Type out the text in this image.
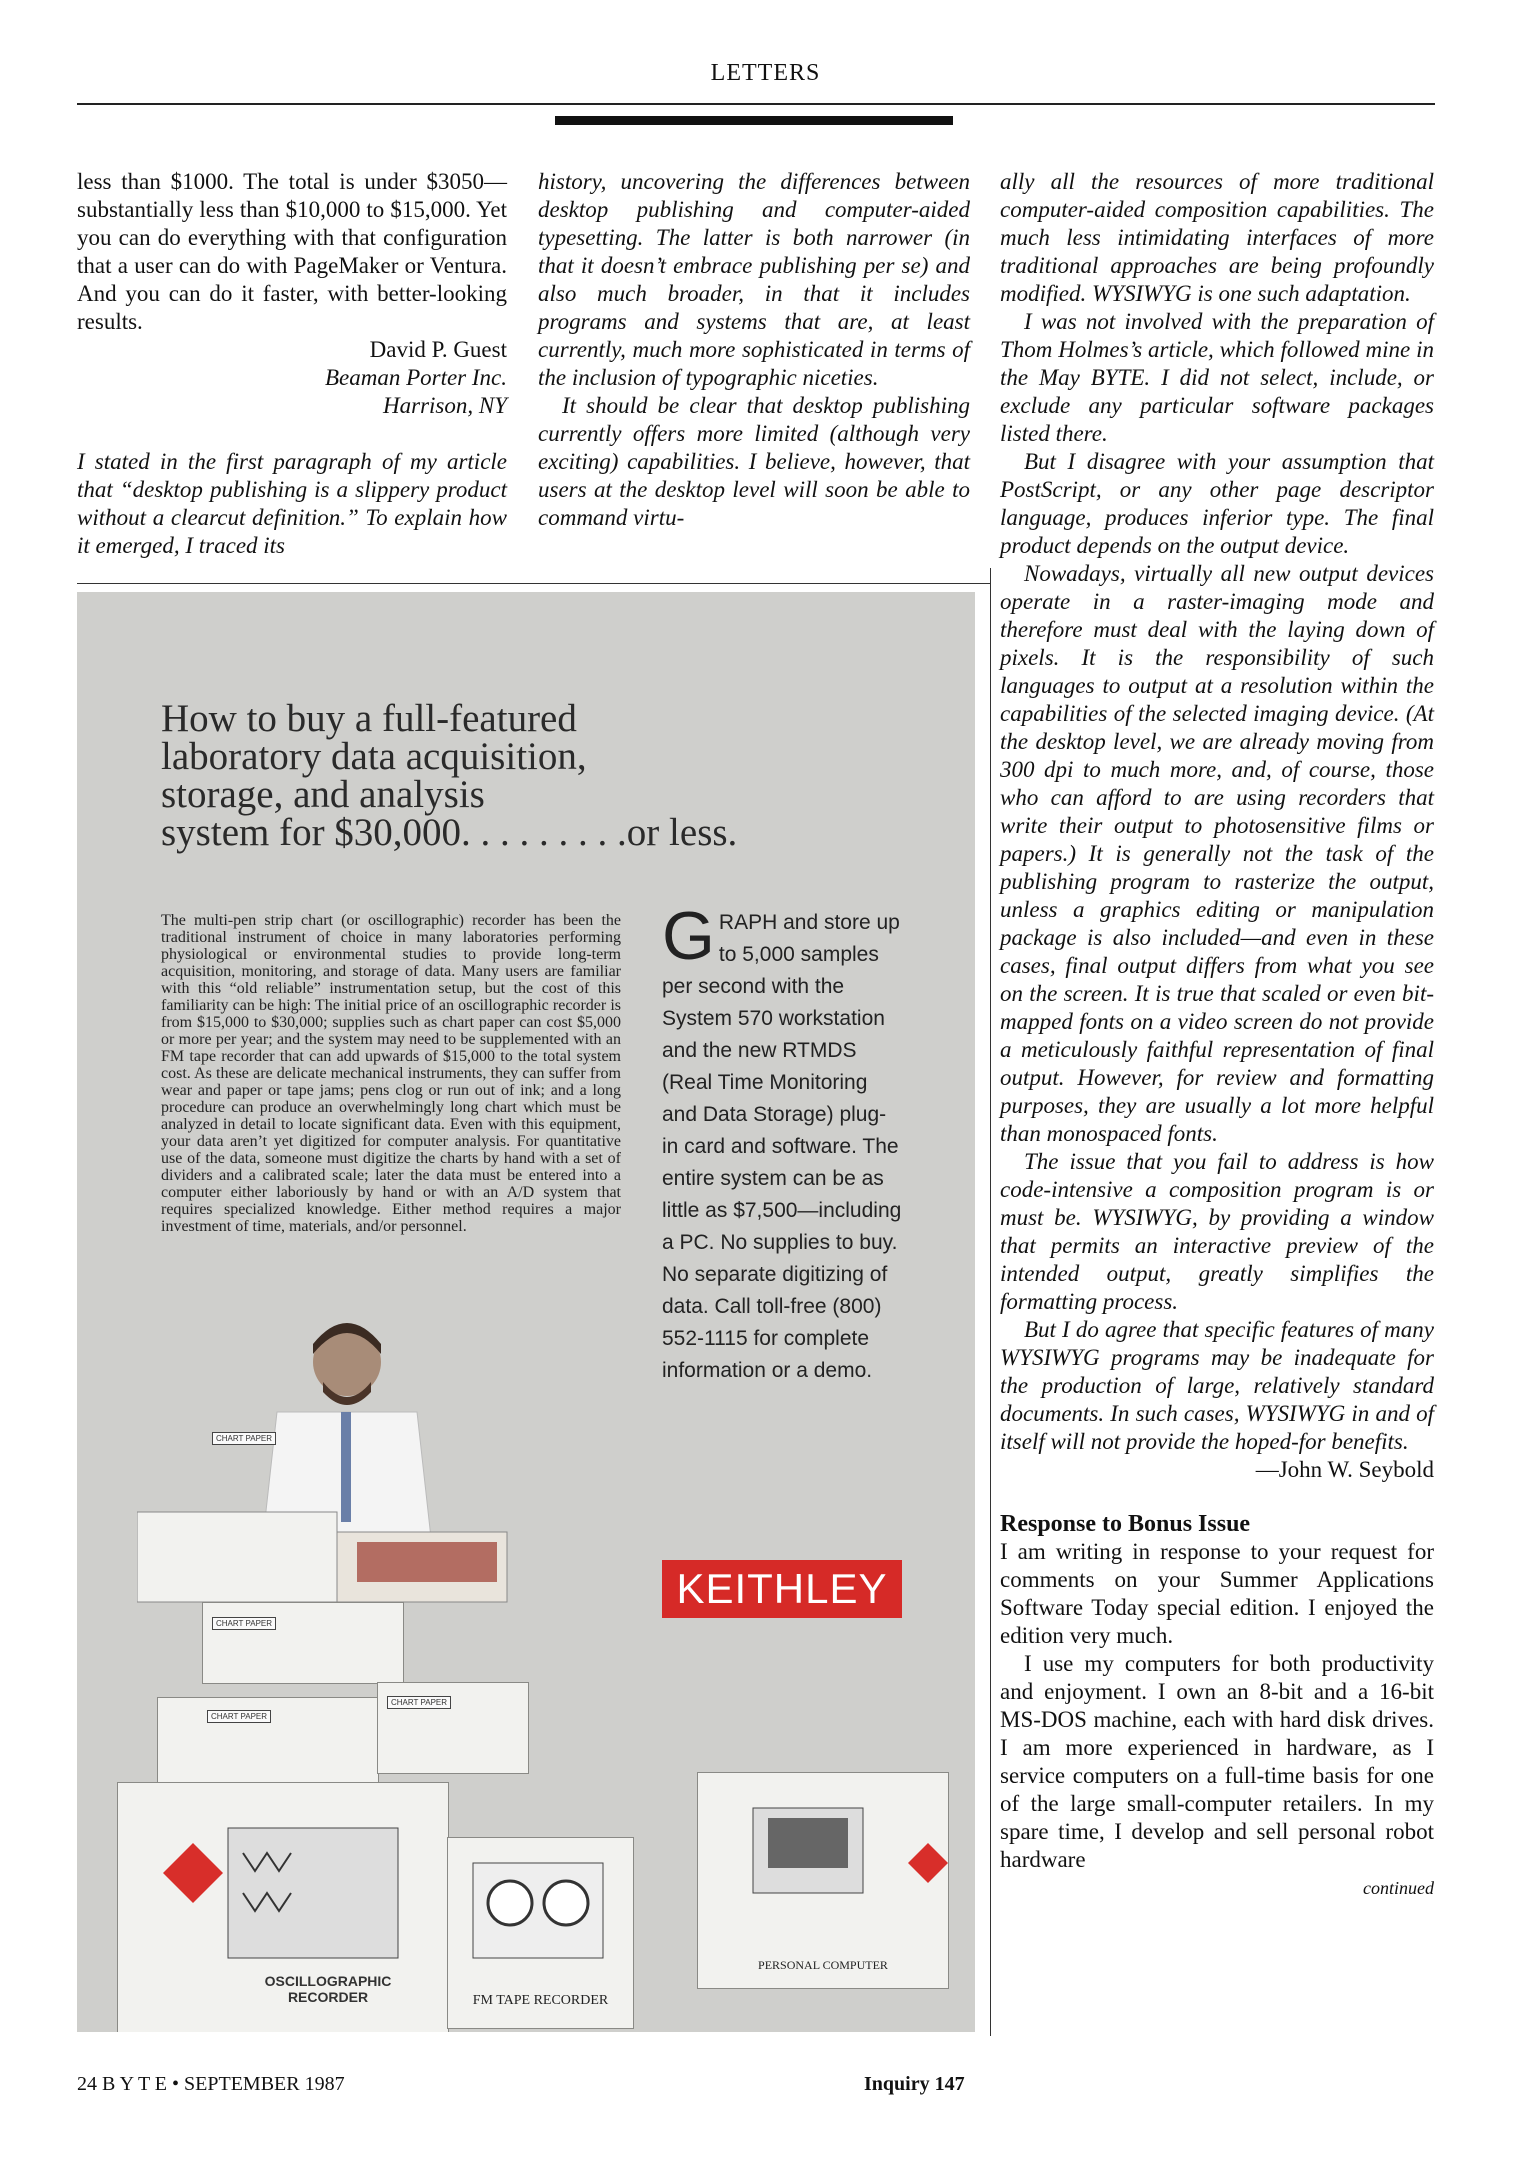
LETTERS

less than $1000. The total is under $3050—substantially less than $10,000 to $15,000. Yet you can do everything with that configuration that a user can do with PageMaker or Ventura. And you can do it faster, with better-looking results.

David P. Guest

Beaman Porter Inc.

Harrison, NY

I stated in the first paragraph of my article that “desktop publishing is a slippery product without a clearcut definition.” To explain how it emerged, I traced its

history, uncovering the differences between desktop publishing and computer-aided typesetting. The latter is both narrower (in that it doesn’t embrace publishing per se) and also much broader, in that it includes programs and systems that are, at least currently, much more sophisticated in terms of the inclusion of typographic niceties.

It should be clear that desktop publishing currently offers more limited (although very exciting) capabilities. I believe, however, that users at the desktop level will soon be able to command virtu-

ally all the resources of more traditional computer-aided composition capabilities. The much less intimidating interfaces of more traditional approaches are being profoundly modified. WYSIWYG is one such adaptation.

I was not involved with the preparation of Thom Holmes’s article, which followed mine in the May BYTE. I did not select, include, or exclude any particular software packages listed there.

But I disagree with your assumption that PostScript, or any other page descriptor language, produces inferior type. The final product depends on the output device.

Nowadays, virtually all new output devices operate in a raster-imaging mode and therefore must deal with the laying down of pixels. It is the responsibility of such languages to output at a resolution within the capabilities of the selected imaging device. (At the desktop level, we are already moving from 300 dpi to much more, and, of course, those who can afford to are using recorders that write their output to photosensitive films or papers.) It is generally not the task of the publishing program to rasterize the output, unless a graphics editing or manipulation package is also included—and even in these cases, final output differs from what you see on the screen. It is true that scaled or even bit-mapped fonts on a video screen do not provide a meticulously faithful representation of final output. However, for review and formatting purposes, they are usually a lot more helpful than monospaced fonts.

The issue that you fail to address is how code-intensive a composition program is or must be. WYSIWYG, by providing a window that permits an interactive preview of the intended output, greatly simplifies the formatting process.

But I do agree that specific features of many WYSIWYG programs may be inadequate for the production of large, relatively standard documents. In such cases, WYSIWYG in and of itself will not provide the hoped-for benefits.

—John W. Seybold

Response to Bonus Issue

I am writing in response to your request for comments on your Summer Applications Software Today special edition. I enjoyed the edition very much.

I use my computers for both productivity and enjoyment. I own an 8-bit and a 16-bit MS-DOS machine, each with hard disk drives. I am more experienced in hardware, as I service computers on a full-time basis for one of the large small-computer retailers. In my spare time, I develop and sell personal robot hardware

continued

How to buy a full-featured
laboratory data acquisition,
storage, and analysis
system for $30,000. . . . . . . . .or less.
The multi-pen strip chart (or oscillographic) recorder has been the traditional instrument of choice in many laboratories performing physiological or environmental studies to provide long-term acquisition, monitoring, and storage of data. Many users are familiar with this “old reliable” instrumentation setup, but the cost of this familiarity can be high: The initial price of an oscillographic recorder is from $15,000 to $30,000; supplies such as chart paper can cost $5,000 or more per year; and the system may need to be supplemented with an FM tape recorder that can add upwards of $15,000 to the total system cost. As these are delicate mechanical instruments, they can suffer from wear and paper or tape jams; pens clog or run out of ink; and a long procedure can produce an overwhelmingly long chart which must be analyzed in detail to locate significant data. Even with this equipment, your data aren’t yet digitized for computer analysis. For quantitative use of the data, someone must digitize the charts by hand with a set of dividers and a calibrated scale; later the data must be entered into a computer either laboriously by hand or with an A/D system that requires specialized knowledge. Either method requires a major investment of time, materials, and/or personnel.
GRAPH and store up to 5,000 samples per second with the System 570 workstation and the new RTMDS (Real Time Monitoring and Data Storage) plug-in card and software. The entire system can be as little as $7,500—including a PC. No supplies to buy. No separate digitizing of data. Call toll-free (800) 552-1115 for complete information or a demo.
KEITHLEY
CHART PAPER
CHART PAPER
CHART PAPER
CHART PAPER
OSCILLOGRAPHIC RECORDER	FM TAPE RECORDER
PERSONAL COMPUTER
24 B Y T E • SEPTEMBER 1987	Inquiry 147
